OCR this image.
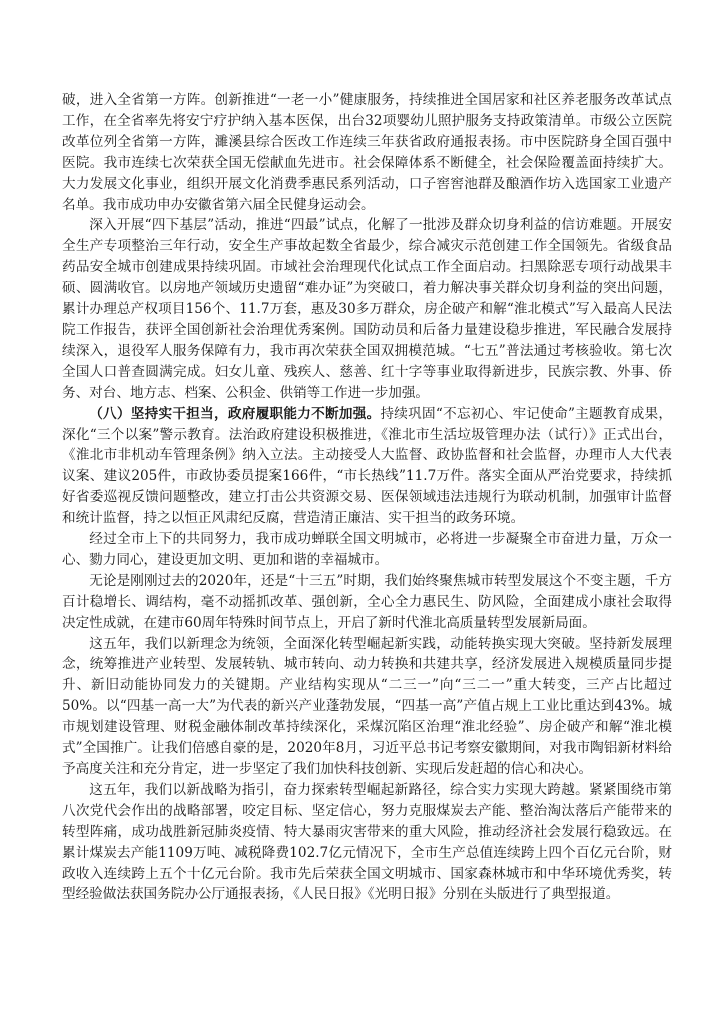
破，进入全省第一方阵。创新推进“一老一小”健康服务，持续推进全国居家和社区养老服务改革试点工作，在全省率先将安宁疗护纳入基本医保，出台32项婴幼儿照护服务支持政策清单。市级公立医院改革位列全省第一方阵，濉溪县综合医改工作连续三年获省政府通报表扬。市中医院跻身全国百强中医院。我市连续七次荣获全国无偿献血先进市。社会保障体系不断健全，社会保险覆盖面持续扩大。大力发展文化事业，组织开展文化消费季惠民系列活动，口子窖窖池群及酿酒作坊入选国家工业遗产名单。我市成功申办安徽省第六届全民健身运动会。

深入开展“四下基层”活动，推进“四最”试点，化解了一批涉及群众切身利益的信访难题。开展安全生产专项整治三年行动，安全生产事故起数全省最少，综合减灾示范创建工作全国领先。省级食品药品安全城市创建成果持续巩固。市域社会治理现代化试点工作全面启动。扫黑除恶专项行动战果丰硕、圆满收官。以房地产领域历史遗留“难办证”为突破口，着力解决事关群众切身利益的突出问题，累计办理总产权项目156个、11.7万套，惠及30多万群众，房企破产和解“淮北模式”写入最高人民法院工作报告，获评全国创新社会治理优秀案例。国防动员和后备力量建设稳步推进，军民融合发展持续深入，退役军人服务保障有力，我市再次荣获全国双拥模范城。“七五”普法通过考核验收。第七次全国人口普查圆满完成。妇女儿童、残疾人、慈善、红十字等事业取得新进步，民族宗教、外事、侨务、对台、地方志、档案、公积金、供销等工作进一步加强。

（八）坚持实干担当，政府履职能力不断加强。持续巩固“不忘初心、牢记使命”主题教育成果，深化“三个以案”警示教育。法治政府建设积极推进，《淮北市生活垃圾管理办法（试行）》正式出台，《淮北市非机动车管理条例》纳入立法。主动接受人大监督、政协监督和社会监督，办理市人大代表议案、建议205件，市政协委员提案166件，“市长热线”11.7万件。落实全面从严治党要求，持续抓好省委巡视反馈问题整改，建立打击公共资源交易、医保领域违法违规行为联动机制，加强审计监督和统计监督，持之以恒正风肃纪反腐，营造清正廉洁、实干担当的政务环境。

经过全市上下的共同努力，我市成功蝉联全国文明城市，必将进一步凝聚全市奋进力量，万众一心、勠力同心，建设更加文明、更加和谐的幸福城市。

无论是刚刚过去的2020年，还是“十三五”时期，我们始终聚焦城市转型发展这个不变主题，千方百计稳增长、调结构，毫不动摇抓改革、强创新，全心全力惠民生、防风险，全面建成小康社会取得决定性成就，在建市60周年特殊时间节点上，开启了新时代淮北高质量转型发展新局面。

这五年，我们以新理念为统领，全面深化转型崛起新实践，动能转换实现大突破。坚持新发展理念，统筹推进产业转型、发展转轨、城市转向、动力转换和共建共享，经济发展进入规模质量同步提升、新旧动能协同发力的关键期。产业结构实现从“二三一”向“三二一”重大转变，三产占比超过50%。以“四基一高一大”为代表的新兴产业蓬勃发展，“四基一高”产值占规上工业比重达到43%。城市规划建设管理、财税金融体制改革持续深化，采煤沉陷区治理“淮北经验”、房企破产和解“淮北模式”全国推广。让我们倍感自豪的是，2020年8月，习近平总书记考察安徽期间，对我市陶铝新材料给予高度关注和充分肯定，进一步坚定了我们加快科技创新、实现后发赶超的信心和决心。

这五年，我们以新战略为指引，奋力探索转型崛起新路径，综合实力实现大跨越。紧紧围绕市第八次党代会作出的战略部署，咬定目标、坚定信心，努力克服煤炭去产能、整治淘汰落后产能带来的转型阵痛，成功战胜新冠肺炎疫情、特大暴雨灾害带来的重大风险，推动经济社会发展行稳致远。在累计煤炭去产能1109万吨、减税降费102.7亿元情况下，全市生产总值连续跨上四个百亿元台阶，财政收入连续跨上五个十亿元台阶。我市先后荣获全国文明城市、国家森林城市和中华环境优秀奖，转型经验做法获国务院办公厅通报表扬，《人民日报》《光明日报》分别在头版进行了典型报道。
